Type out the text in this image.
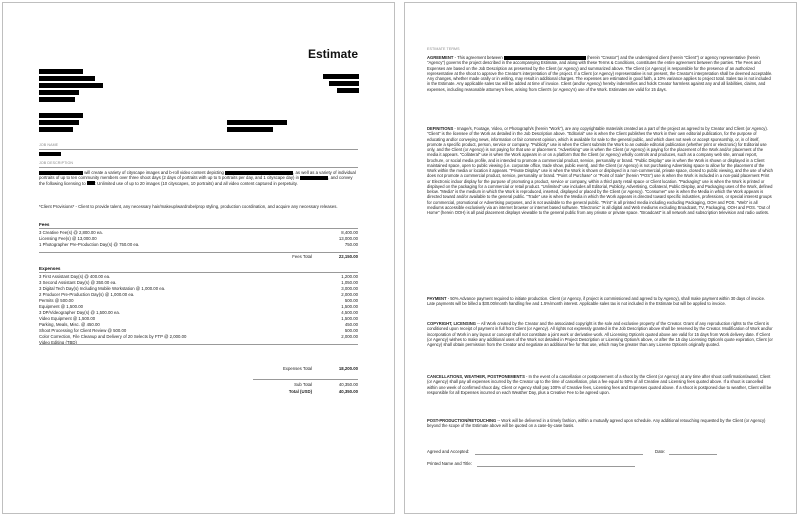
Estimate
JOB NAME
JOB DESCRIPTION
will create a variety of cityscape images and b-roll video content depicting	, as well as a variety of individual portraits of up to ten community members over three shoot days (2 days of portraits with up to 5 portraits per day, and 1 cityscape day) in	, and convey the following licensing to : Unlimited use of up to 20 images (10 cityscapes, 10 portraits) and all video content captured in perpetuity.
*Client Provisions* - Client to provide talent, any necessary hair/makeup/wardrobe/prop styling, production coordination, and acquire any necessary releases.
Fees
3 Creative Fee(s) @ 2,800.00 ea.	8,400.00
Licensing Fee(s) @ 13,000.00	13,000.00
1 Photographer Pre-Production Day(s) @ 750.00 ea.	750.00
Fees Total	22,150.00
Expenses
3 First Assistant Day(s) @ 400.00 ea.	1,200.00
3 Second Assistant Day(s) @ 350.00 ea.	1,050.00
3 Digital Tech Day(s) Including Mobile Workstation @ 1,000.00 ea.	3,000.00
2 Producer Pre-Production Day(s) @ 1,000.00 ea.	2,000.00
Permits @ 500.00	500.00
Equipment @ 1,500.00	1,500.00
3 DP/Videographer Day(s) @ 1,500.00 ea.	4,500.00
Video Equipment @ 1,500.00	1,500.00
Parking, Meals, Misc. @ 450.00	450.00
Shoot Processing for Client Review @ 500.00	500.00
Color Correction, File Cleanup and Delivery of 20 Selects by FTP @ 2,000.00	2,000.00
Video Editing (TBD)
Expenses Total	18,200.00
Sub Total	40,350.00
Total (USD)	40,350.00
ESTIMATE TERMS
AGREEMENT - This agreement between	(herein "Creator") and the undersigned client (herein "Client") or agency representative (herein "Agency") governs the project described in the accompanying Estimate, and along with these Terms & Conditions, constitutes the entire agreement between the parties. The Fees and Expenses are based on the Job Description as presented by the Client (or Agency) and summarized above. The Client (or Agency) is responsible for the presence of an authorized representative at the shoot to approve the Creator's interpretation of the project. If a Client (or Agency) representative is not present, the Creator's interpretation shall be deemed acceptable. Any changes, whether made orally or in writing, may result in additional charges. The expenses are estimated in good faith, a 10% variance applies to project total. Sales tax is not included in the Estimate. Any applicable sales tax will be added at time of invoice. Client (and/or Agency) hereby indemnifies and holds Creator harmless against any and all liabilities, claims, and expenses, including reasonable attorney's fees, arising from Client's (or Agency's) use of the Work. Estimates are valid for 15 days.
DEFINITIONS - Image/s, Footage, Video, or Photograph/s (herein "Work"), are any copyrightable materials created as a part of the project as agreed to by Creator and Client (or Agency). "Client" is the licensee of the Work as detailed in the Job Description above. "Editorial" use is when the Client publishes the Work in their own editorial publication, for the purpose of educating and/or conveying news, information or fair comment opinion, which is available for sale to the general public, and which does not seek or accept sponsorship, or, in of itself, promote a specific product, person, service or company. "Publicity" use is when the Client submits the Work to an outside editorial publication (whether print or electronic) for Editorial use only, and the Client (or Agency) is not paying for that use or placement. "Advertising" use is when the Client (or Agency) is paying for the placement of the Work and/or placement of the media it appears. "Collateral" use is when the Work appears in or on a platform that the Client (or Agency) wholly controls and produces, such as a company web site, annual report, brochure, or social media profile, and is intended to promote a commercial product, service, personality or brand. "Public Display" use is when the Work is shown or displayed in a Client maintained space, open to public viewing (i.e. corporate office, trade show, public event), and the Client (or Agency) is not purchasing Advertising space to allow for the placement of the Work within the media or location it appears. "Private Display" use is when the Work is shown or displayed in a non-commercial, private space, closed to public viewing, and the use of which does not promote a commercial product, service, personality or brand. "Point of Purchase" or "Point of Sale" (herein "POS") use is when the Work is included in a non-paid placement Print or Electronic indoor display for the purpose of promoting a product, service or company, within a third party retail space or Client location. "Packaging" use is when the Work is printed or displayed on the packaging for a commercial or retail product. "Unlimited" use includes all Editorial, Publicity, Advertising, Collateral, Public Display, and Packaging uses of the Work, defined below. "Media" is the medium in which the Work is reproduced, inserted, displayed or placed by the Client (or Agency). "Consumer" use is when the Media in which the Work appears is directed toward and/or available to the general public. "Trade" use is when the Media in which the Work appears is directed toward specific industries, professions, or special interest groups for commercial, promotional or Advertising purposes, and is not available to the general public. "Print" is all printed media including excluding Packaging, OOH and POS. "Web" is all mediums accessible exclusively via an internet browser or internet based software. "Electronic" is all digital and Web mediums excluding Broadcast, TV, Packaging, OOH and POS. "Out of Home" (herein OOH) is all paid placement displays viewable to the general public from any private or private space. "Broadcast" is all network and subscription television and radio outlets.
PAYMENT - 50% Advance payment required to initiate production. Client (or Agency, if project is commissioned and agreed to by Agency), shall make payment within 30 days of invoice. Late payments will be billed a $30.00/month handling fee and 1.5%/month interest. Applicable sales tax is not included in the Estimate but will be applied to invoice.
COPYRIGHT, LICENSING -- All Work created by the Creator and the associated copyright is the sole and exclusive property of the Creator. Grant of any reproduction rights to the Client is conditioned upon receipt of payment in full from Client (or Agency). All rights not expressly granted in the Job Description above shall be reserved by the Creator. Modification of Work and/or incorporation of Work in any layout or concept shall not constitute a joint work or derivative work. All Licensing Option/s quoted above are valid for 15 days from Work delivery date. If Client (or Agency) wishes to make any additional uses of the Work not detailed in Project Description or Licensing Option/s above, or after the 15 day Licensing Option/s quote expiration, Client (or Agency) shall obtain permission from the Creator and negotiate an additional fee for that use, which may be greater than any License Option/s originally quoted.
CANCELLATIONS, WEATHER, POSTPONEMENTS - In the event of a cancellation or postponement of a shoot by the Client (or Agency) at any time after shoot confirmation/award, Client (or Agency) shall pay all expenses incurred by the Creator up to the time of cancellation, plus a fee equal to 50% of all Creative and Licensing fees quoted above. If a shoot is cancelled within one week of confirmed shoot day, Client or Agency shall pay 100% of Creative fees, Licensing fees and Expenses quoted above. If a shoot is postponed due to weather, Client will be responsible for all Expenses incurred on each Weather Day, plus a Creative Fee to be agreed upon.
POST-PRODUCTION/RETOUCHING -- Work will be delivered in a timely fashion, within a mutually agreed upon schedule. Any additional retouching requested by the Client (or Agency) beyond the scope of the Estimate above will be quoted on a case-by-case basis.
Agreed and Accepted:	Date:
Printed Name and Title:
